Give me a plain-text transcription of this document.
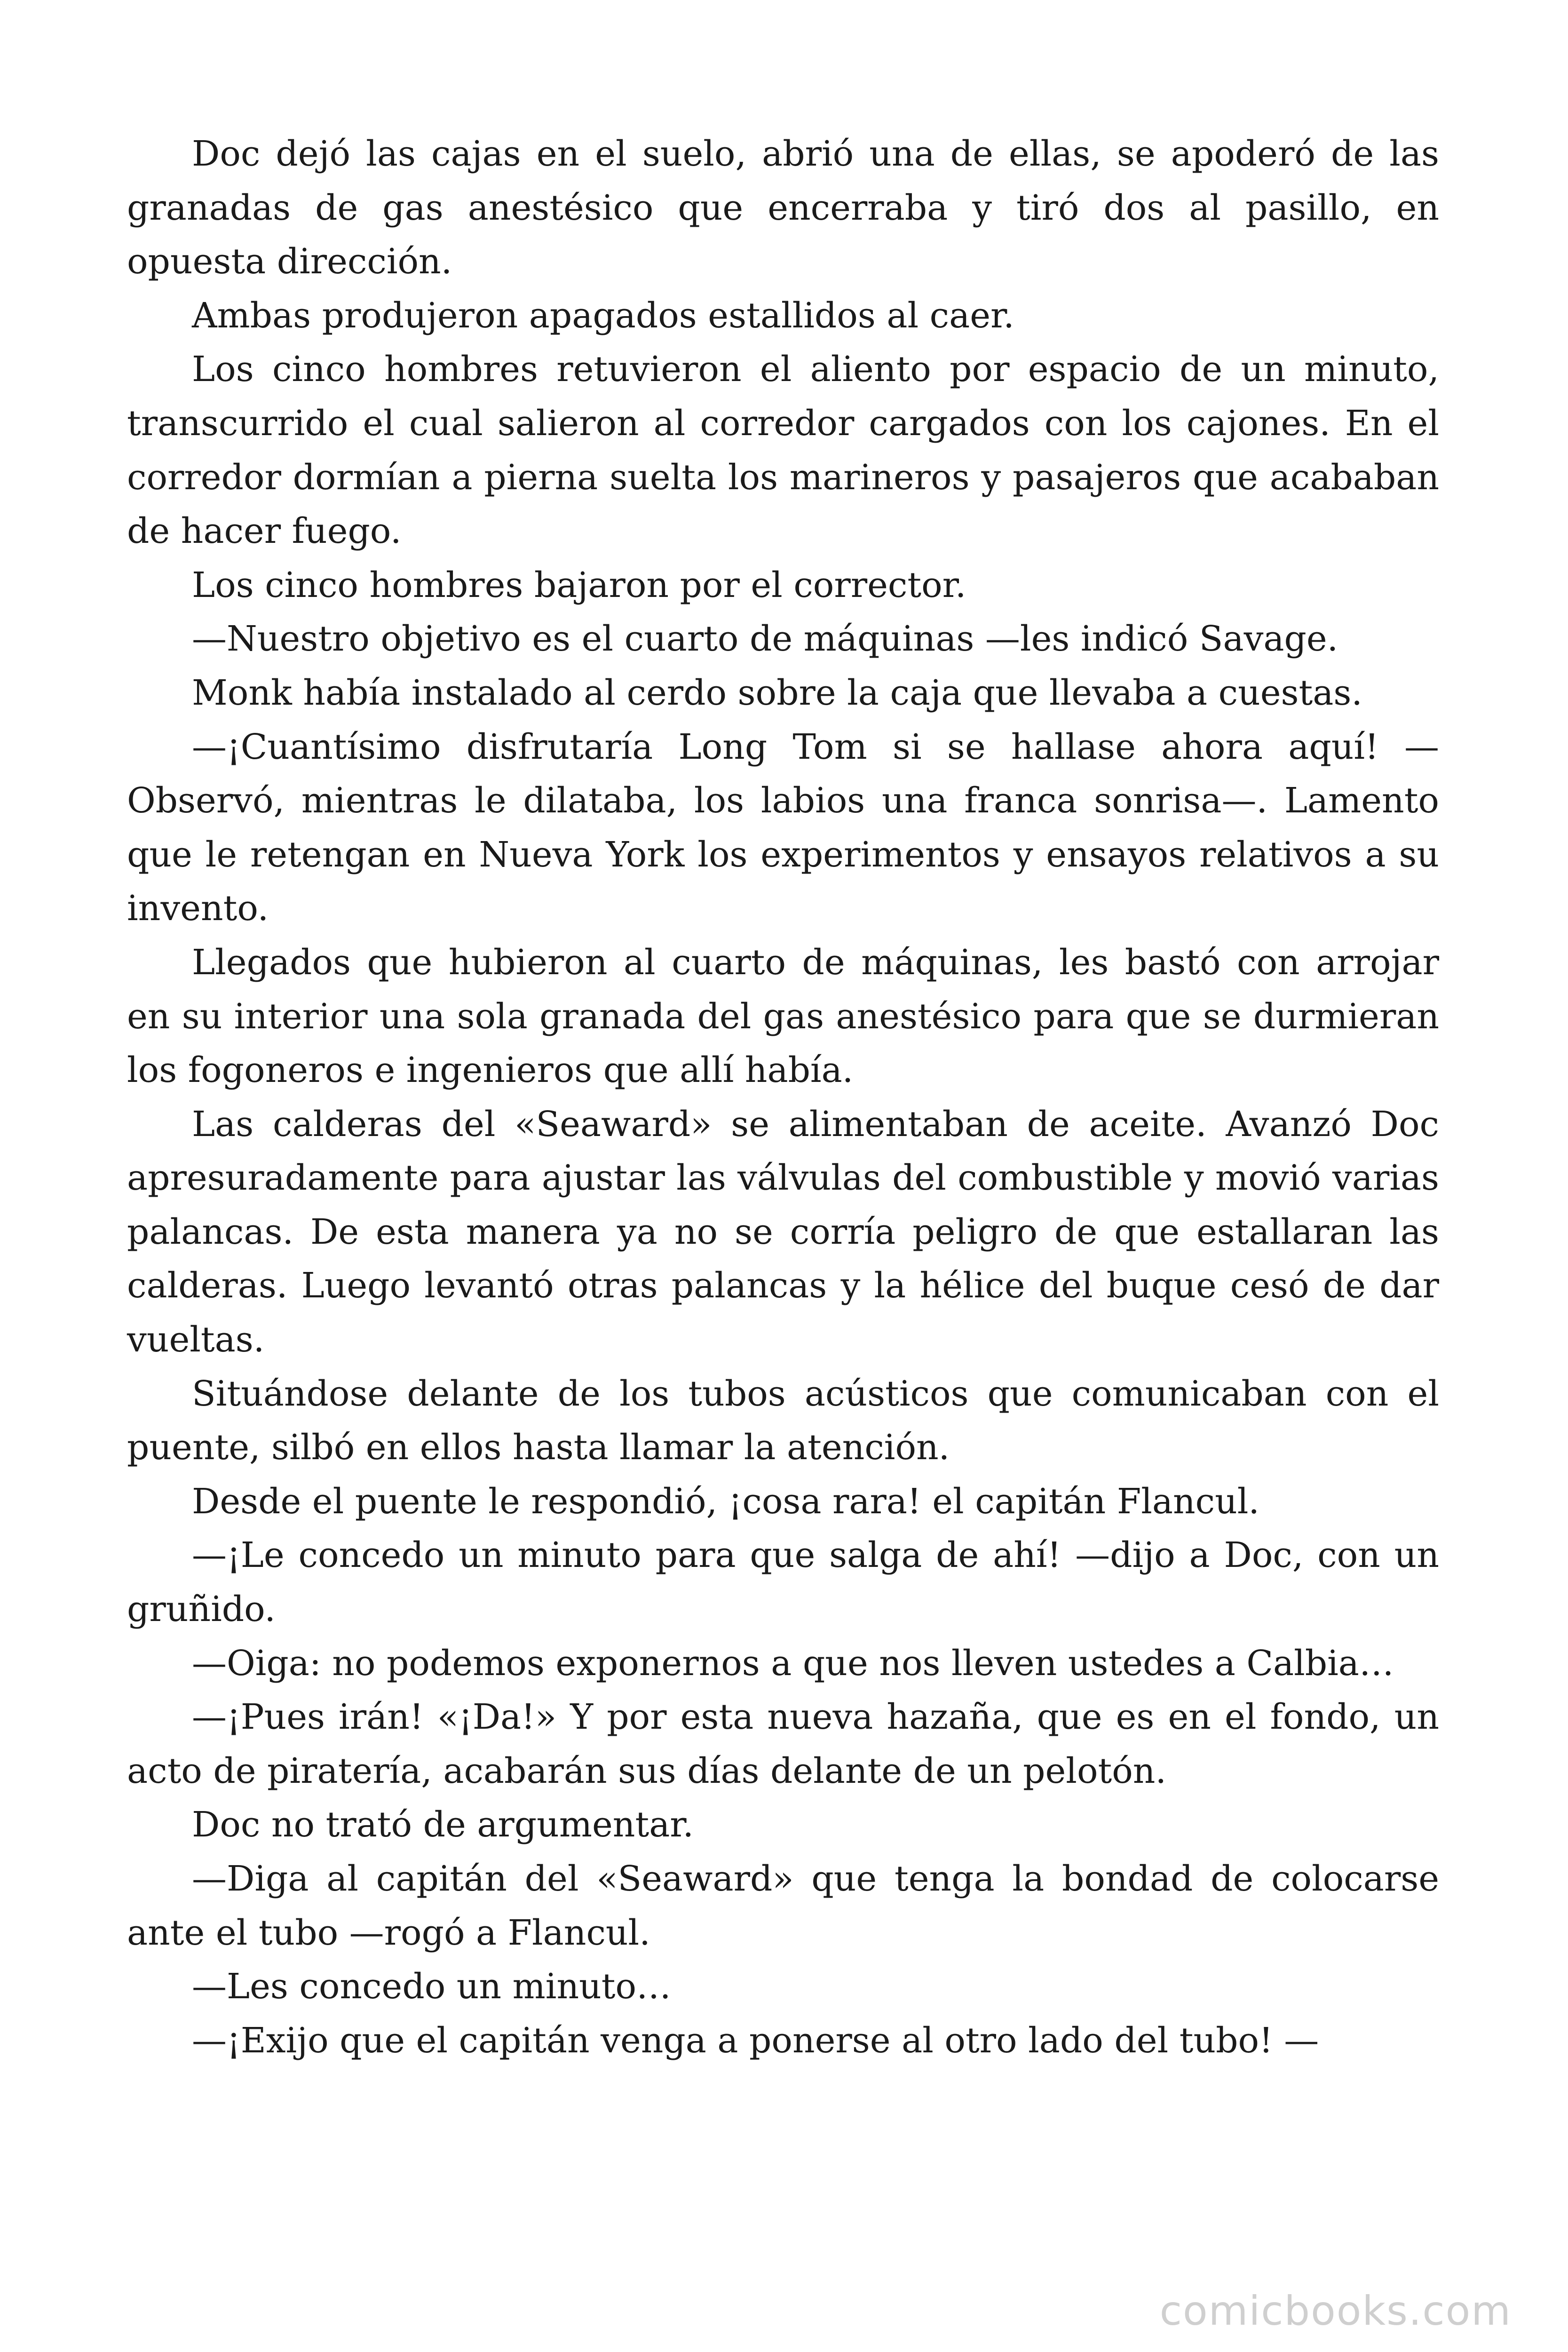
Doc dejó las cajas en el suelo, abrió una de ellas, se apoderó de las granadas de gas anestésico que encerraba y tiró dos al pasillo, en opuesta dirección.

Ambas produjeron apagados estallidos al caer.

Los cinco hombres retuvieron el aliento por espacio de un minuto, transcurrido el cual salieron al corredor cargados con los cajones. En el corredor dormían a pierna suelta los marineros y pasajeros que acababan de hacer fuego.

Los cinco hombres bajaron por el corrector.

—Nuestro objetivo es el cuarto de máquinas —les indicó Savage.

Monk había instalado al cerdo sobre la caja que llevaba a cuestas.

—¡Cuantísimo disfrutaría Long Tom si se hallase ahora aquí! — Observó, mientras le dilataba, los labios una franca sonrisa—. Lamento que le retengan en Nueva York los experimentos y ensayos relativos a su invento.

Llegados que hubieron al cuarto de máquinas, les bastó con arrojar en su interior una sola granada del gas anestésico para que se durmieran los fogoneros e ingenieros que allí había.

Las calderas del «Seaward» se alimentaban de aceite. Avanzó Doc apresuradamente para ajustar las válvulas del combustible y movió varias palancas. De esta manera ya no se corría peligro de que estallaran las calderas. Luego levantó otras palancas y la hélice del buque cesó de dar vueltas.

Situándose delante de los tubos acústicos que comunicaban con el puente, silbó en ellos hasta llamar la atención.

Desde el puente le respondió, ¡cosa rara! el capitán Flancul.

—¡Le concedo un minuto para que salga de ahí! —dijo a Doc, con un gruñido.

—Oiga: no podemos exponernos a que nos lleven ustedes a Calbia…

—¡Pues irán! «¡Da!» Y por esta nueva hazaña, que es en el fondo, un acto de piratería, acabarán sus días delante de un pelotón.

Doc no trató de argumentar.

—Diga al capitán del «Seaward» que tenga la bondad de colocarse ante el tubo —rogó a Flancul.

—Les concedo un minuto…

—¡Exijo que el capitán venga a ponerse al otro lado del tubo! —

comicbooks.com
